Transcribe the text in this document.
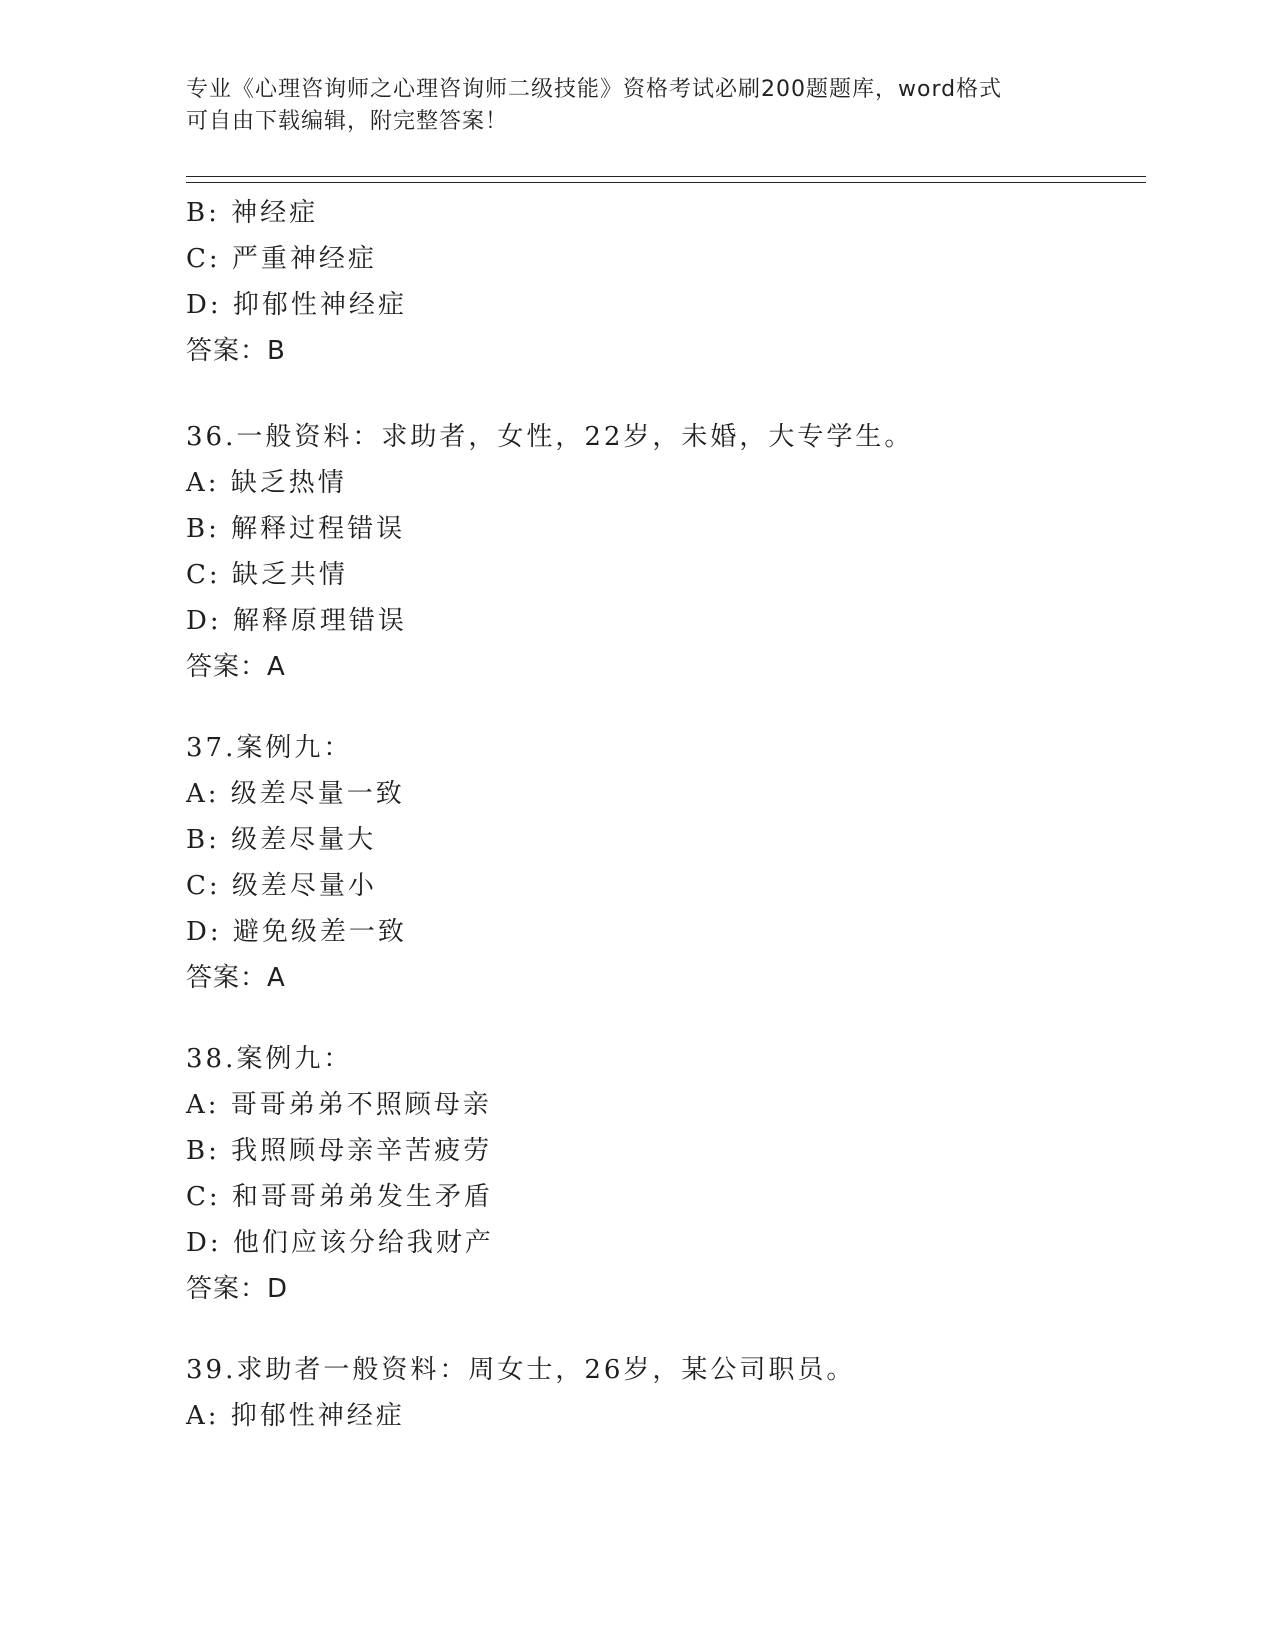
专业《心理咨询师之心理咨询师二级技能》资格考试必刷200题题库，word格式
可自由下载编辑，附完整答案！
B: 神经症
C: 严重神经症
D: 抑郁性神经症
答案：B
36.一般资料：求助者，女性，22岁，未婚，大专学生。
A: 缺乏热情
B: 解释过程错误
C: 缺乏共情
D: 解释原理错误
答案：A
37.案例九：
A: 级差尽量一致
B: 级差尽量大
C: 级差尽量小
D: 避免级差一致
答案：A
38.案例九：
A: 哥哥弟弟不照顾母亲
B: 我照顾母亲辛苦疲劳
C: 和哥哥弟弟发生矛盾
D: 他们应该分给我财产
答案：D
39.求助者一般资料：周女士，26岁，某公司职员。
A: 抑郁性神经症
